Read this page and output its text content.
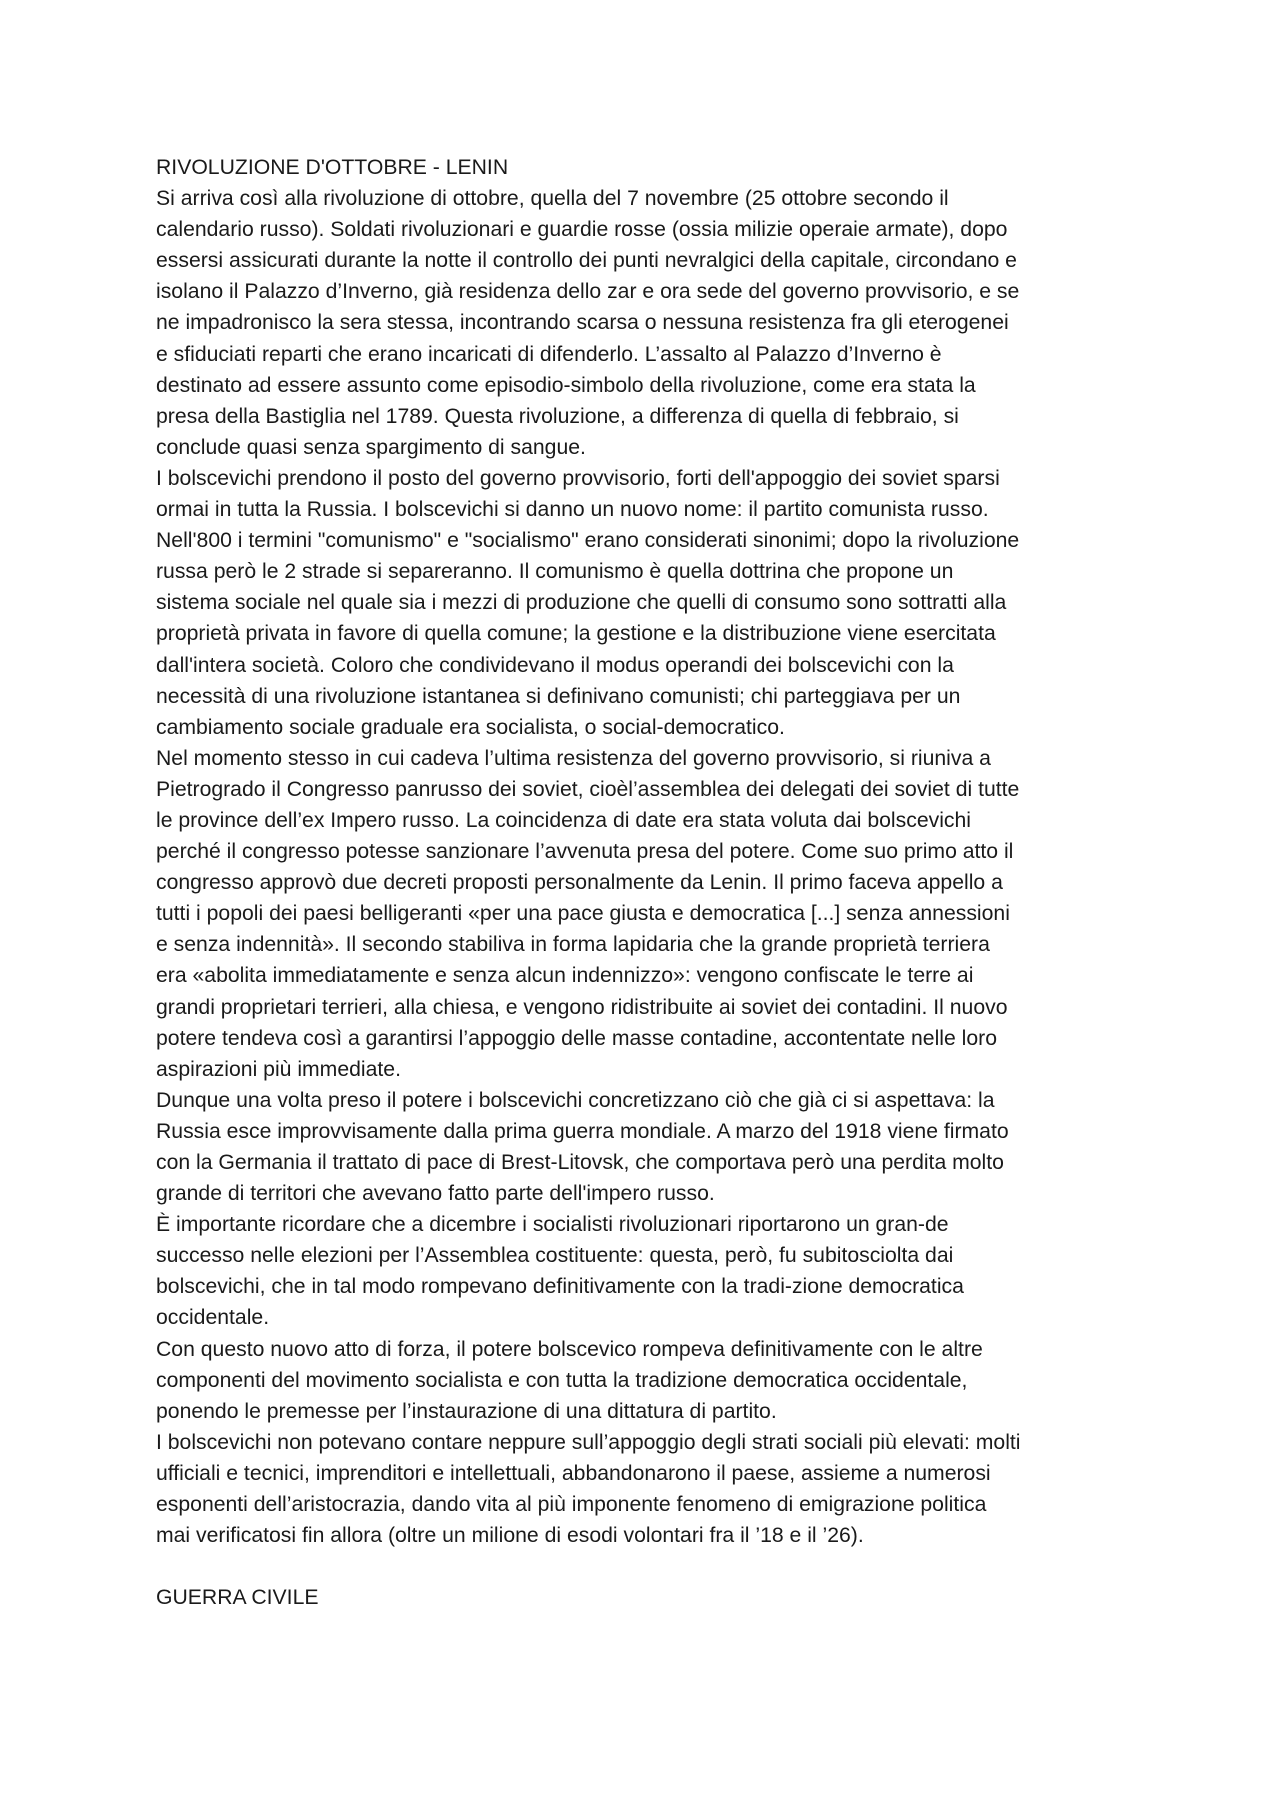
RIVOLUZIONE D'OTTOBRE - LENIN
Si arriva così alla rivoluzione di ottobre, quella del 7 novembre (25 ottobre secondo il
calendario russo). Soldati rivoluzionari e guardie rosse (ossia milizie operaie armate), dopo
essersi assicurati durante la notte il controllo dei punti nevralgici della capitale, circondano e
isolano il Palazzo d’Inverno, già residenza dello zar e ora sede del governo provvisorio, e se
ne impadronisco la sera stessa, incontrando scarsa o nessuna resistenza fra gli eterogenei
e sfiduciati reparti che erano incaricati di difenderlo. L’assalto al Palazzo d’Inverno è
destinato ad essere assunto come episodio-simbolo della rivoluzione, come era stata la
presa della Bastiglia nel 1789. Questa rivoluzione, a differenza di quella di febbraio, si
conclude quasi senza spargimento di sangue.
I bolscevichi prendono il posto del governo provvisorio, forti dell'appoggio dei soviet sparsi
ormai in tutta la Russia. I bolscevichi si danno un nuovo nome: il partito comunista russo.
Nell'800 i termini "comunismo" e "socialismo" erano considerati sinonimi; dopo la rivoluzione
russa però le 2 strade si separeranno. Il comunismo è quella dottrina che propone un
sistema sociale nel quale sia i mezzi di produzione che quelli di consumo sono sottratti alla
proprietà privata in favore di quella comune; la gestione e la distribuzione viene esercitata
dall'intera società. Coloro che condividevano il modus operandi dei bolscevichi con la
necessità di una rivoluzione istantanea si definivano comunisti; chi parteggiava per un
cambiamento sociale graduale era socialista, o social-democratico.
Nel momento stesso in cui cadeva l’ultima resistenza del governo provvisorio, si riuniva a
Pietrogrado il Congresso panrusso dei soviet, cioèl’assemblea dei delegati dei soviet di tutte
le province dell’ex Impero russo. La coincidenza di date era stata voluta dai bolscevichi
perché il congresso potesse sanzionare l’avvenuta presa del potere. Come suo primo atto il
congresso approvò due decreti proposti personalmente da Lenin. Il primo faceva appello a
tutti i popoli dei paesi belligeranti «per una pace giusta e democratica [...] senza annessioni
e senza indennità». Il secondo stabiliva in forma lapidaria che la grande proprietà terriera
era «abolita immediatamente e senza alcun indennizzo»: vengono confiscate le terre ai
grandi proprietari terrieri, alla chiesa, e vengono ridistribuite ai soviet dei contadini. Il nuovo
potere tendeva così a garantirsi l’appoggio delle masse contadine, accontentate nelle loro
aspirazioni più immediate.
Dunque una volta preso il potere i bolscevichi concretizzano ciò che già ci si aspettava: la
Russia esce improvvisamente dalla prima guerra mondiale. A marzo del 1918 viene firmato
con la Germania il trattato di pace di Brest-Litovsk, che comportava però una perdita molto
grande di territori che avevano fatto parte dell'impero russo.
È importante ricordare che a dicembre i socialisti rivoluzionari riportarono un gran-de
successo nelle elezioni per l’Assemblea costituente: questa, però, fu subitosciolta dai
bolscevichi, che in tal modo rompevano definitivamente con la tradi-zione democratica
occidentale.
Con questo nuovo atto di forza, il potere bolscevico rompeva definitivamente con le altre
componenti del movimento socialista e con tutta la tradizione democratica occidentale,
ponendo le premesse per l’instaurazione di una dittatura di partito.
I bolscevichi non potevano contare neppure sull’appoggio degli strati sociali più elevati: molti
ufficiali e tecnici, imprenditori e intellettuali, abbandonarono il paese, assieme a numerosi
esponenti dell’aristocrazia, dando vita al più imponente fenomeno di emigrazione politica
mai verificatosi fin allora (oltre un milione di esodi volontari fra il ’18 e il ’26).
GUERRA CIVILE
